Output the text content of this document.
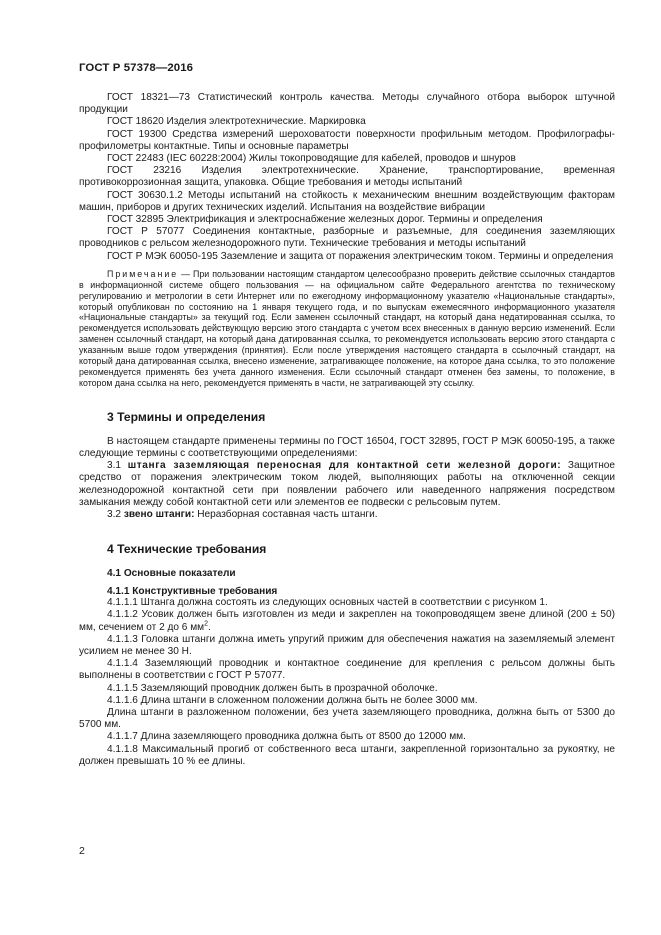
ГОСТ Р 57378—2016

ГОСТ 18321—73 Статистический контроль качества. Методы случайного отбора выборок штучной продукции

ГОСТ 18620 Изделия электротехнические. Маркировка

ГОСТ 19300 Средства измерений шероховатости поверхности профильным методом. Профилографы-профилометры контактные. Типы и основные параметры

ГОСТ 22483 (IEC 60228:2004) Жилы токопроводящие для кабелей, проводов и шнуров

ГОСТ 23216 Изделия электротехнические. Хранение, транспортирование, временная противокоррозионная защита, упаковка. Общие требования и методы испытаний

ГОСТ 30630.1.2 Методы испытаний на стойкость к механическим внешним воздействующим факторам машин, приборов и других технических изделий. Испытания на воздействие вибрации

ГОСТ 32895 Электрификация и электроснабжение железных дорог. Термины и определения

ГОСТ Р 57077 Соединения контактные, разборные и разъемные, для соединения заземляющих проводников с рельсом железнодорожного пути. Технические требования и методы испытаний

ГОСТ Р МЭК 60050-195 Заземление и защита от поражения электрическим током. Термины и определения

Примечание — При пользовании настоящим стандартом целесообразно проверить действие ссылочных стандартов в информационной системе общего пользования — на официальном сайте Федерального агентства по техническому регулированию и метрологии в сети Интернет или по ежегодному информационному указателю «Национальные стандарты», который опубликован по состоянию на 1 января текущего года, и по выпускам ежемесячного информационного указателя «Национальные стандарты» за текущий год. Если заменен ссылочный стандарт, на который дана недатированная ссылка, то рекомендуется использовать действующую версию этого стандарта с учетом всех внесенных в данную версию изменений. Если заменен ссылочный стандарт, на который дана датированная ссылка, то рекомендуется использовать версию этого стандарта с указанным выше годом утверждения (принятия). Если после утверждения настоящего стандарта в ссылочный стандарт, на который дана датированная ссылка, внесено изменение, затрагивающее положение, на которое дана ссылка, то это положение рекомендуется применять без учета данного изменения. Если ссылочный стандарт отменен без замены, то положение, в котором дана ссылка на него, рекомендуется применять в части, не затрагивающей эту ссылку.

3 Термины и определения

В настоящем стандарте применены термины по ГОСТ 16504, ГОСТ 32895, ГОСТ Р МЭК 60050-195, а также следующие термины с соответствующими определениями:

3.1 штанга заземляющая переносная для контактной сети железной дороги: Защитное средство от поражения электрическим током людей, выполняющих работы на отключенной секции железнодорожной контактной сети при появлении рабочего или наведенного напряжения посредством замыкания между собой контактной сети или элементов ее подвески с рельсовым путем.

3.2 звено штанги: Неразборная составная часть штанги.

4 Технические требования

4.1 Основные показатели

4.1.1 Конструктивные требования

4.1.1.1 Штанга должна состоять из следующих основных частей в соответствии с рисунком 1.

4.1.1.2 Усовик должен быть изготовлен из меди и закреплен на токопроводящем звене длиной (200 ± 50) мм, сечением от 2 до 6 $мм^2$.

4.1.1.3 Головка штанги должна иметь упругий прижим для обеспечения нажатия на заземляемый элемент усилием не менее 30 Н.

4.1.1.4 Заземляющий проводник и контактное соединение для крепления с рельсом должны быть выполнены в соответствии с ГОСТ Р 57077.

4.1.1.5 Заземляющий проводник должен быть в прозрачной оболочке.

4.1.1.6 Длина штанги в сложенном положении должна быть не более 3000 мм.

Длина штанги в разложенном положении, без учета заземляющего проводника, должна быть от 5300 до 5700 мм.

4.1.1.7 Длина заземляющего проводника должна быть от 8500 до 12000 мм.

4.1.1.8 Максимальный прогиб от собственного веса штанги, закрепленной горизонтально за рукоятку, не должен превышать 10 % ее длины.

2
